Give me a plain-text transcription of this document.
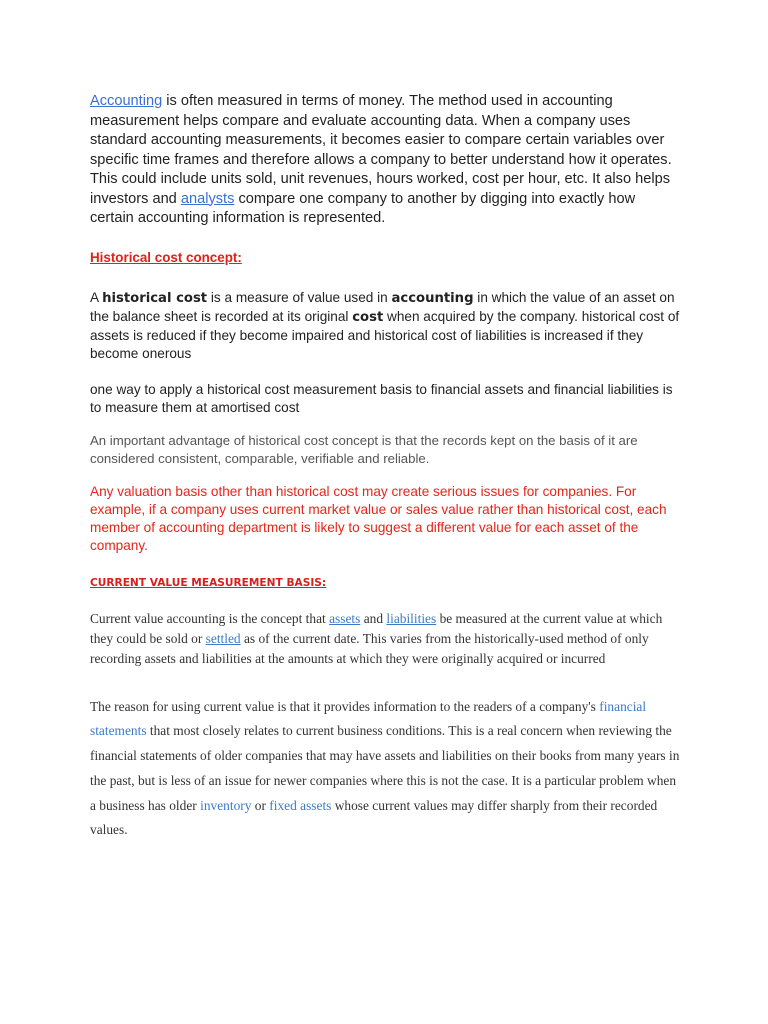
Accounting is often measured in terms of money. The method used in accounting measurement helps compare and evaluate accounting data. When a company uses standard accounting measurements, it becomes easier to compare certain variables over specific time frames and therefore allows a company to better understand how it operates. This could include units sold, unit revenues, hours worked, cost per hour, etc. It also helps investors and analysts compare one company to another by digging into exactly how certain accounting information is represented.

Historical cost concept:

A historical cost is a measure of value used in accounting in which the value of an asset on the balance sheet is recorded at its original cost when acquired by the company. historical cost of assets is reduced if they become impaired and historical cost of liabilities is increased if they become onerous

one way to apply a historical cost measurement basis to financial assets and financial liabilities is to measure them at amortised cost

An important advantage of historical cost concept is that the records kept on the basis of it are considered consistent, comparable, verifiable and reliable.

Any valuation basis other than historical cost may create serious issues for companies. For example, if a company uses current market value or sales value rather than historical cost, each member of accounting department is likely to suggest a different value for each asset of the company.

CURRENT VALUE MEASUREMENT BASIS:

Current value accounting is the concept that assets and liabilities be measured at the current value at which they could be sold or settled as of the current date. This varies from the historically-used method of only recording assets and liabilities at the amounts at which they were originally acquired or incurred

The reason for using current value is that it provides information to the readers of a company's financial statements that most closely relates to current business conditions. This is a real concern when reviewing the financial statements of older companies that may have assets and liabilities on their books from many years in the past, but is less of an issue for newer companies where this is not the case. It is a particular problem when a business has older inventory or fixed assets whose current values may differ sharply from their recorded values.
